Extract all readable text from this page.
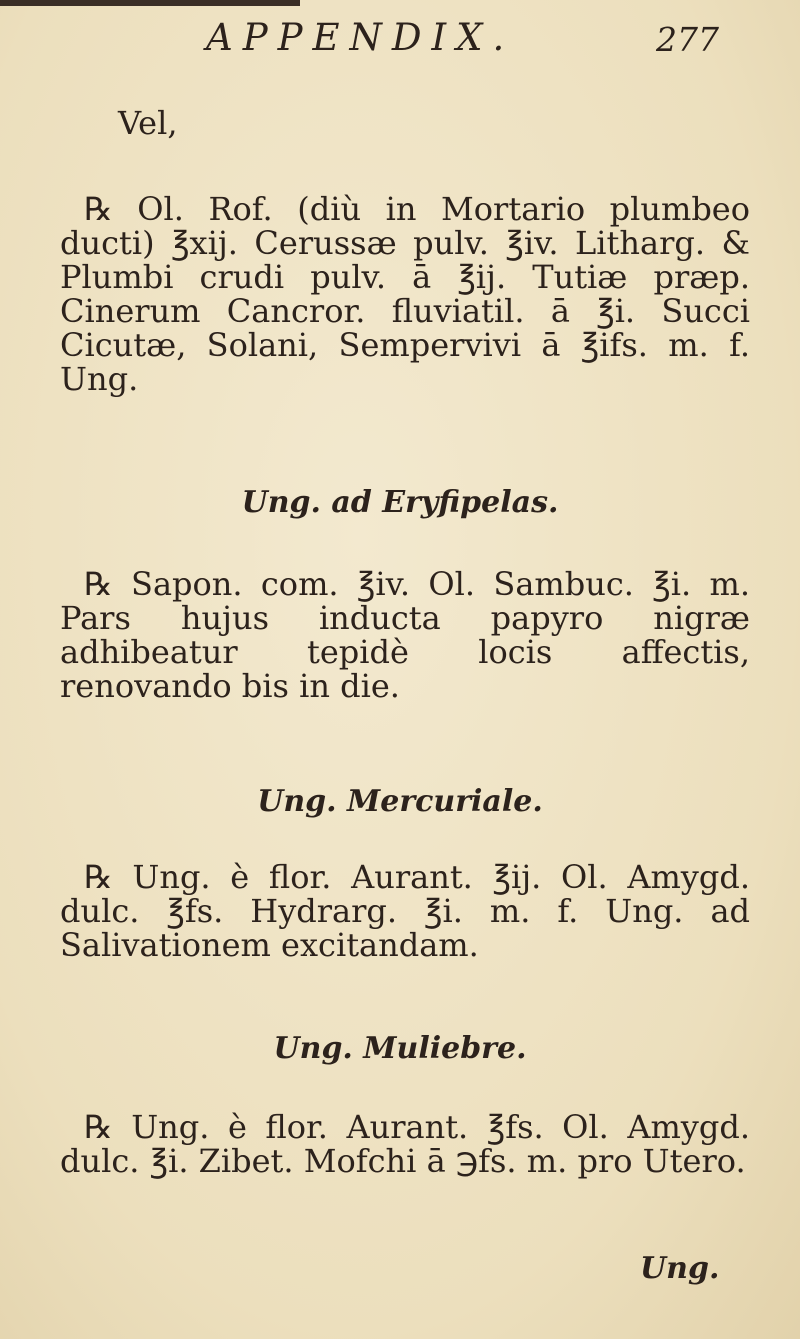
APPENDIX.	277
Vel,
℞ Ol. Rof. (diù in Mortario plumbeo ducti) ℥xij. Cerussæ pulv. ℥iv. Litharg. & Plumbi crudi pulv. ā ℥ij. Tutiæ præp. Cinerum Cancror. fluviatil. ā ℥i. Succi Cicutæ, Solani, Sempervivi ā ℥ifs. m. f. Ung.
Ung. ad Eryfipelas.
℞ Sapon. com. ℥iv. Ol. Sambuc. ℥i. m. Pars hujus inducta papyro nigræ adhibeatur tepidè locis affectis, renovando bis in die.
Ung. Mercuriale.
℞ Ung. è flor. Aurant. ℥ij. Ol. Amygd. dulc. ℥fs. Hydrarg. ℥i. m. f. Ung. ad Salivationem excitandam.
Ung. Muliebre.
℞ Ung. è flor. Aurant. ℥fs. Ol. Amygd. dulc. ℥i. Zibet. Mofchi ā ℈fs. m. pro Utero.
Ung.
